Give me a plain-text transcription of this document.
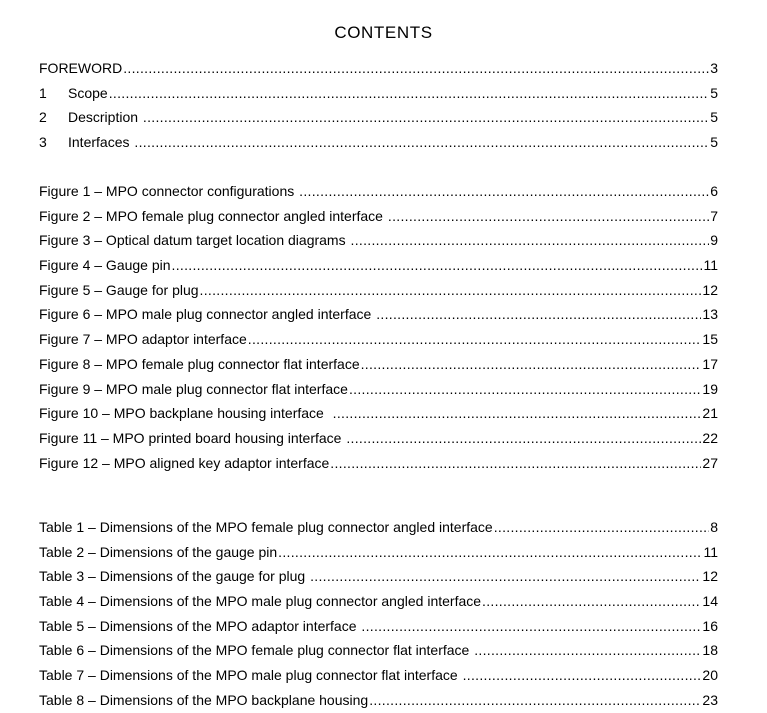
CONTENTS
FOREWORD .....	3
1	Scope .....	5
2	Description .....	5
3	Interfaces .....	5
Figure 1 – MPO connector configurations .....	6
Figure 2 – MPO female plug connector angled interface .....	7
Figure 3 – Optical datum target location diagrams .....	9
Figure 4 – Gauge pin .....	11
Figure 5 – Gauge for plug .....	12
Figure 6 – MPO male plug connector angled interface .....	13
Figure 7 – MPO adaptor interface .....	15
Figure 8 – MPO female plug connector flat interface .....	17
Figure 9 – MPO male plug connector flat interface .....	19
Figure 10 – MPO backplane housing interface .....	21
Figure 11 – MPO printed board housing interface .....	22
Figure 12 – MPO aligned key adaptor interface .....	27
Table 1 – Dimensions of the MPO female plug connector angled interface .....	8
Table 2 – Dimensions of the gauge pin .....	11
Table 3 – Dimensions of the gauge for plug .....	12
Table 4 – Dimensions of the MPO male plug connector angled interface .....	14
Table 5 – Dimensions of the MPO adaptor interface .....	16
Table 6 – Dimensions of the MPO female plug connector flat interface .....	18
Table 7 – Dimensions of the MPO male plug connector flat interface .....	20
Table 8 – Dimensions of the MPO backplane housing .....	23
